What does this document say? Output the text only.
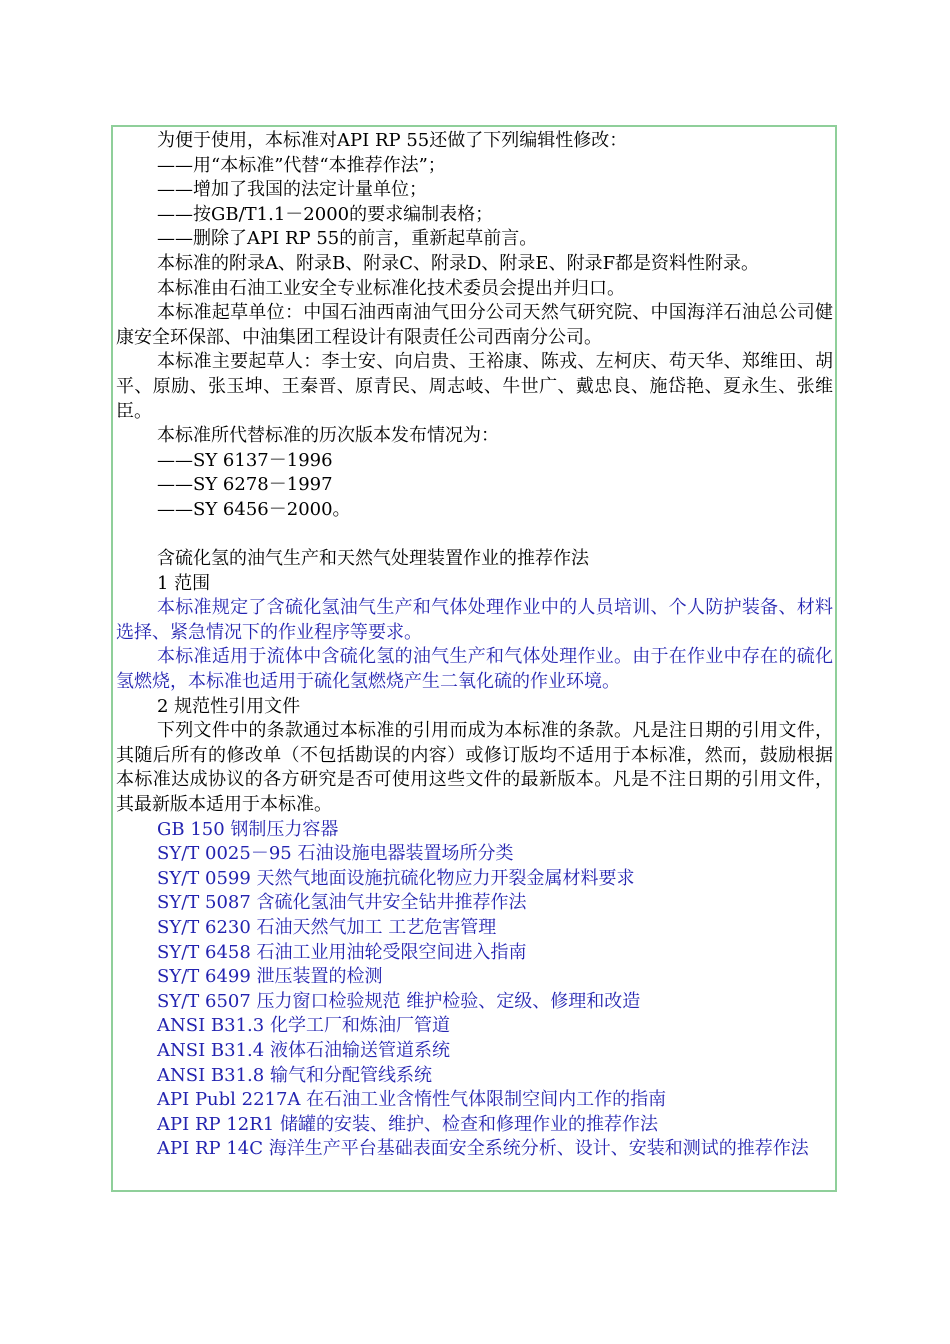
为便于使用，本标准对API RP 55还做了下列编辑性修改：

——用“本标准”代替“本推荐作法”；

——增加了我国的法定计量单位；

——按GB/T1.1－2000的要求编制表格；

——删除了API RP 55的前言，重新起草前言。

本标准的附录A、附录B、附录C、附录D、附录E、附录F都是资料性附录。

本标准由石油工业安全专业标准化技术委员会提出并归口。

本标准起草单位：中国石油西南油气田分公司天然气研究院、中国海洋石油总公司健康安全环保部、中油集团工程设计有限责任公司西南分公司。

本标准主要起草人：李士安、向启贵、王裕康、陈戎、左柯庆、苟天华、郑维田、胡平、原励、张玉坤、王秦晋、原青民、周志岐、牛世广、戴忠良、施岱艳、夏永生、张维臣。

本标准所代替标准的历次版本发布情况为：

——SY 6137－1996

——SY 6278－1997

——SY 6456－2000。

含硫化氢的油气生产和天然气处理装置作业的推荐作法

1 范围

本标准规定了含硫化氢油气生产和气体处理作业中的人员培训、个人防护装备、材料选择、紧急情况下的作业程序等要求。

本标准适用于流体中含硫化氢的油气生产和气体处理作业。由于在作业中存在的硫化氢燃烧，本标准也适用于硫化氢燃烧产生二氧化硫的作业环境。

2 规范性引用文件

下列文件中的条款通过本标准的引用而成为本标准的条款。凡是注日期的引用文件，其随后所有的修改单（不包括勘误的内容）或修订版均不适用于本标准，然而，鼓励根据本标准达成协议的各方研究是否可使用这些文件的最新版本。凡是不注日期的引用文件，其最新版本适用于本标准。

GB 150 钢制压力容器

SY/T 0025－95 石油设施电器装置场所分类

SY/T 0599 天然气地面设施抗硫化物应力开裂金属材料要求

SY/T 5087 含硫化氢油气井安全钻井推荐作法

SY/T 6230 石油天然气加工 工艺危害管理

SY/T 6458 石油工业用油轮受限空间进入指南

SY/T 6499 泄压装置的检测

SY/T 6507 压力窗口检验规范 维护检验、定级、修理和改造

ANSI B31.3 化学工厂和炼油厂管道

ANSI B31.4 液体石油输送管道系统

ANSI B31.8 输气和分配管线系统

API Publ 2217A 在石油工业含惰性气体限制空间内工作的指南

API RP 12R1 储罐的安装、维护、检查和修理作业的推荐作法

API RP 14C 海洋生产平台基础表面安全系统分析、设计、安装和测试的推荐作法
